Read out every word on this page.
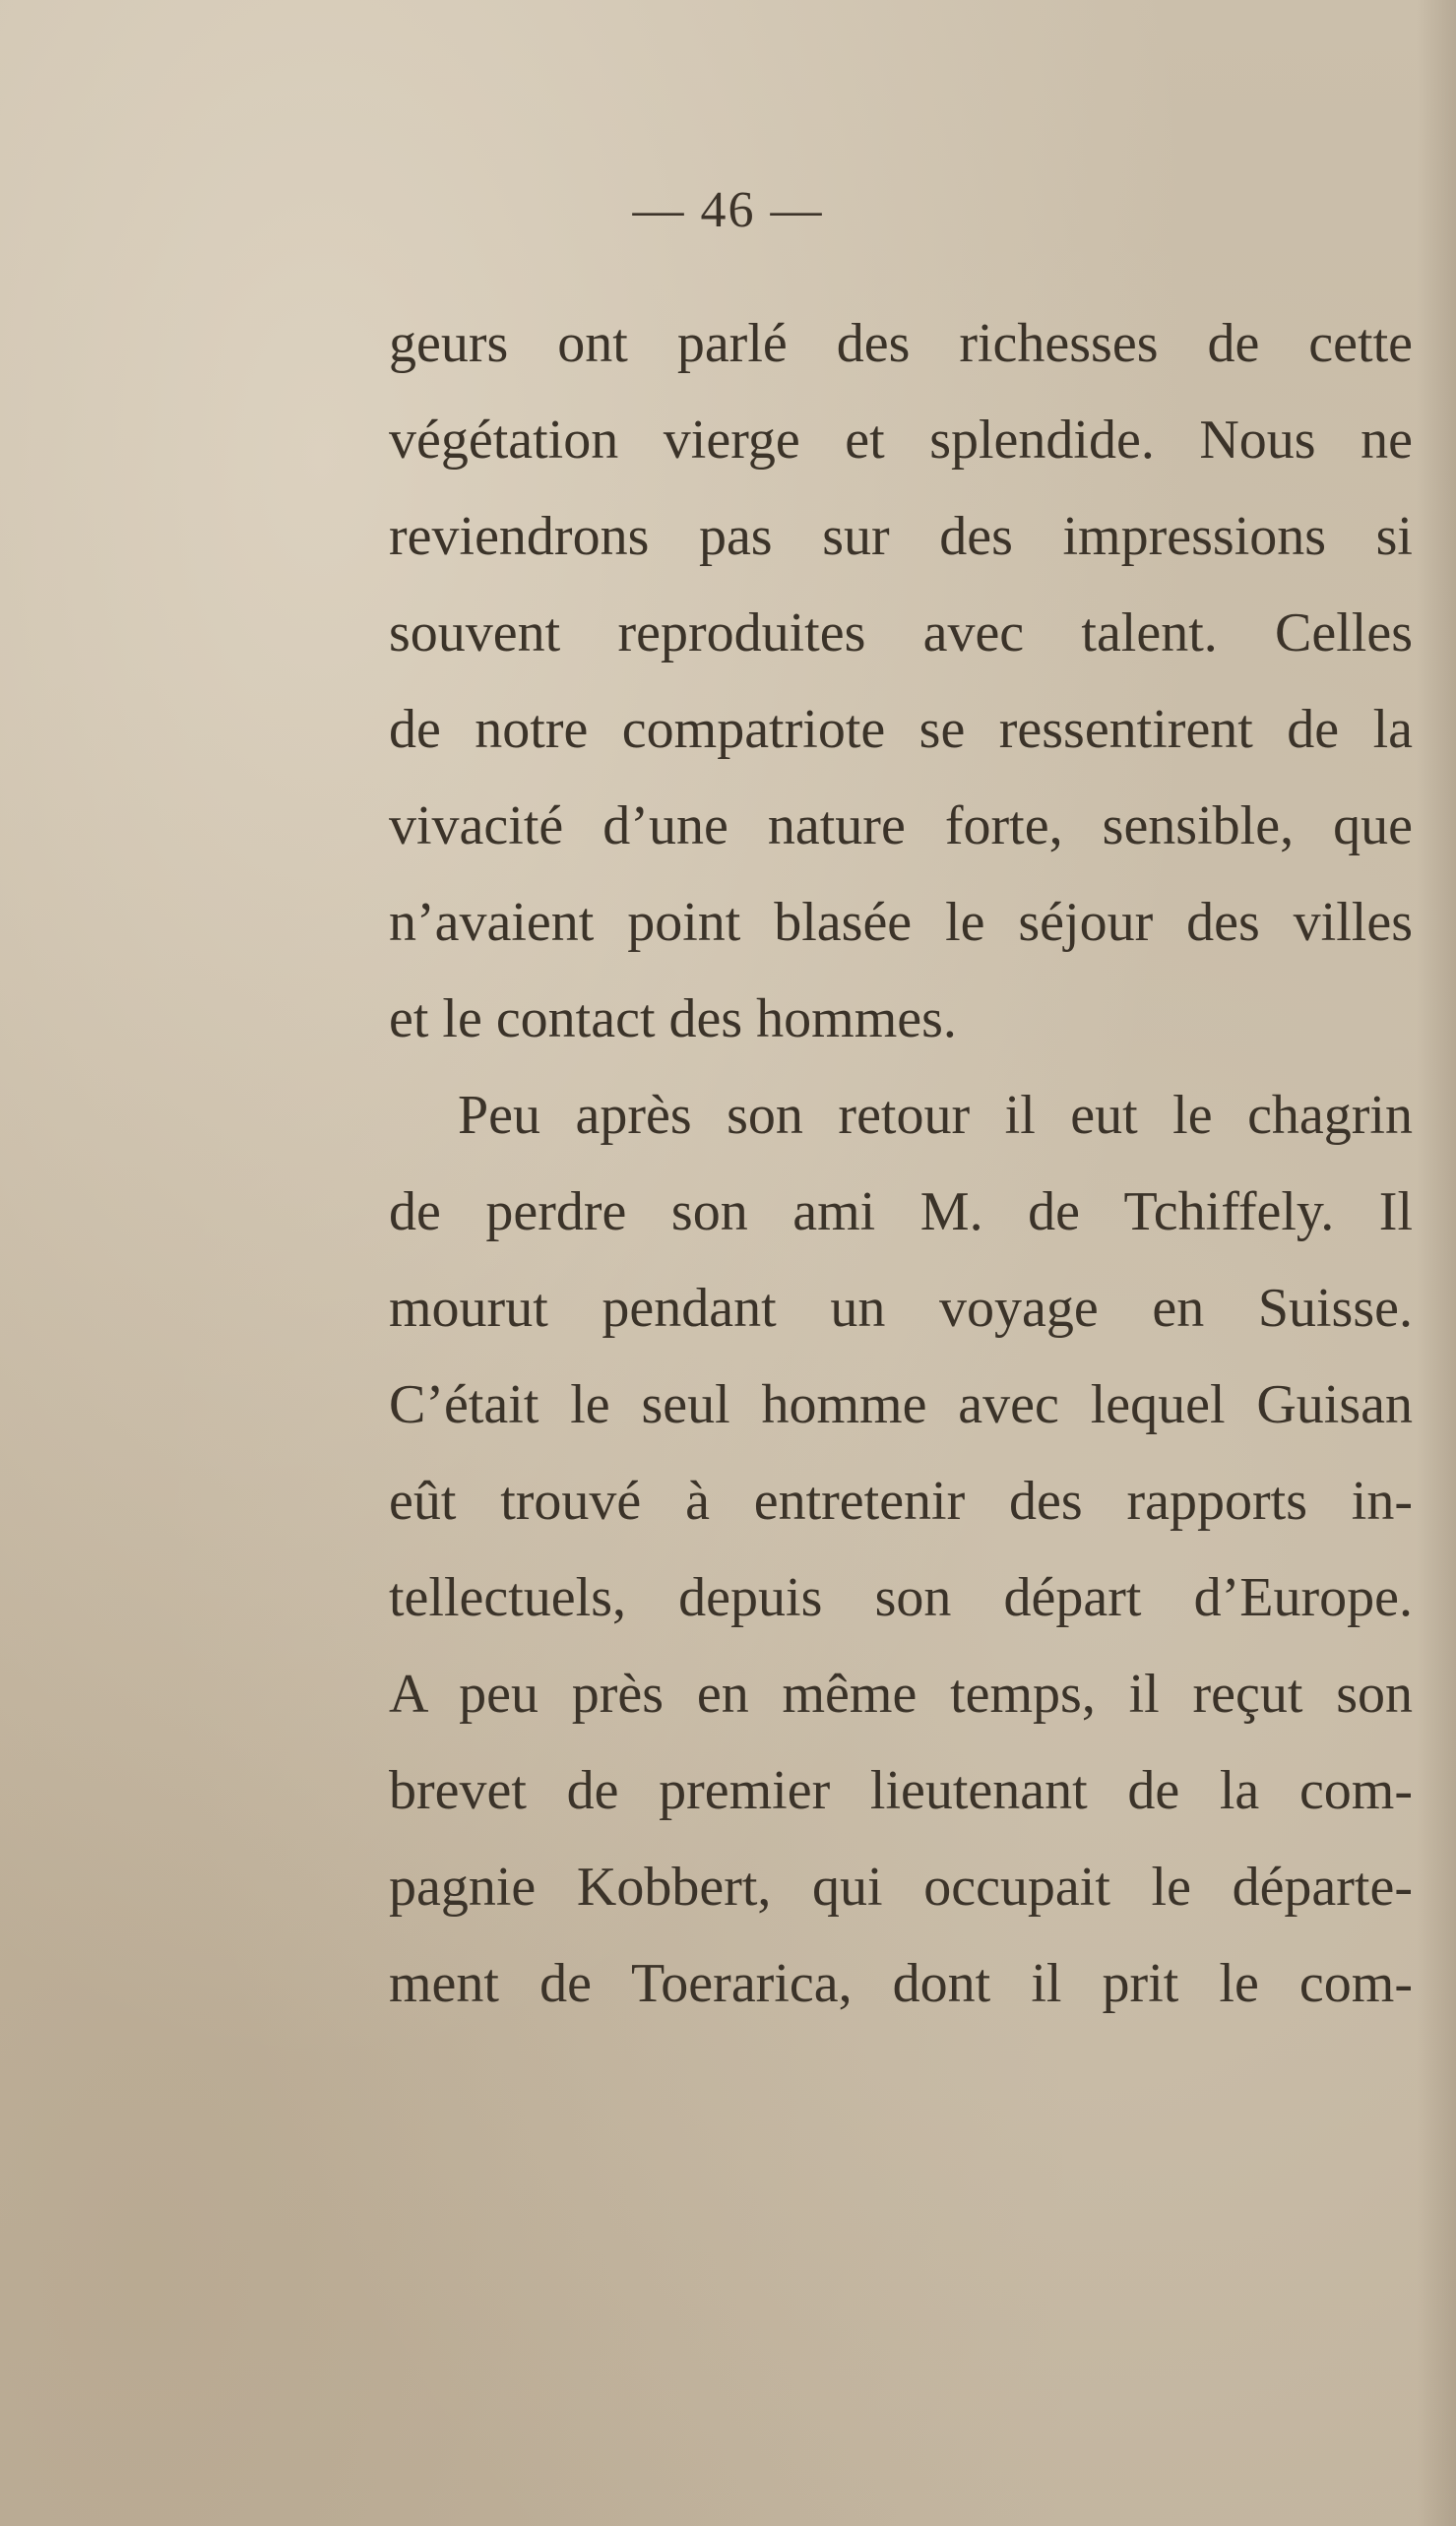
— 46 —
geurs ont parlé des richesses de cette
végétation vierge et splendide. Nous ne
reviendrons pas sur des impressions si
souvent reproduites avec talent. Celles
de notre compatriote se ressentirent de la
vivacité d’une nature forte, sensible, que
n’avaient point blasée le séjour des villes
et le contact des hommes.
Peu après son retour il eut le chagrin
de perdre son ami M. de Tchiffely. Il
mourut pendant un voyage en Suisse.
C’était le seul homme avec lequel Guisan
eût trouvé à entretenir des rapports in-
tellectuels, depuis son départ d’Europe.
A peu près en même temps, il reçut son
brevet de premier lieutenant de la com-
pagnie Kobbert, qui occupait le départe-
ment de Toerarica, dont il prit le com-
